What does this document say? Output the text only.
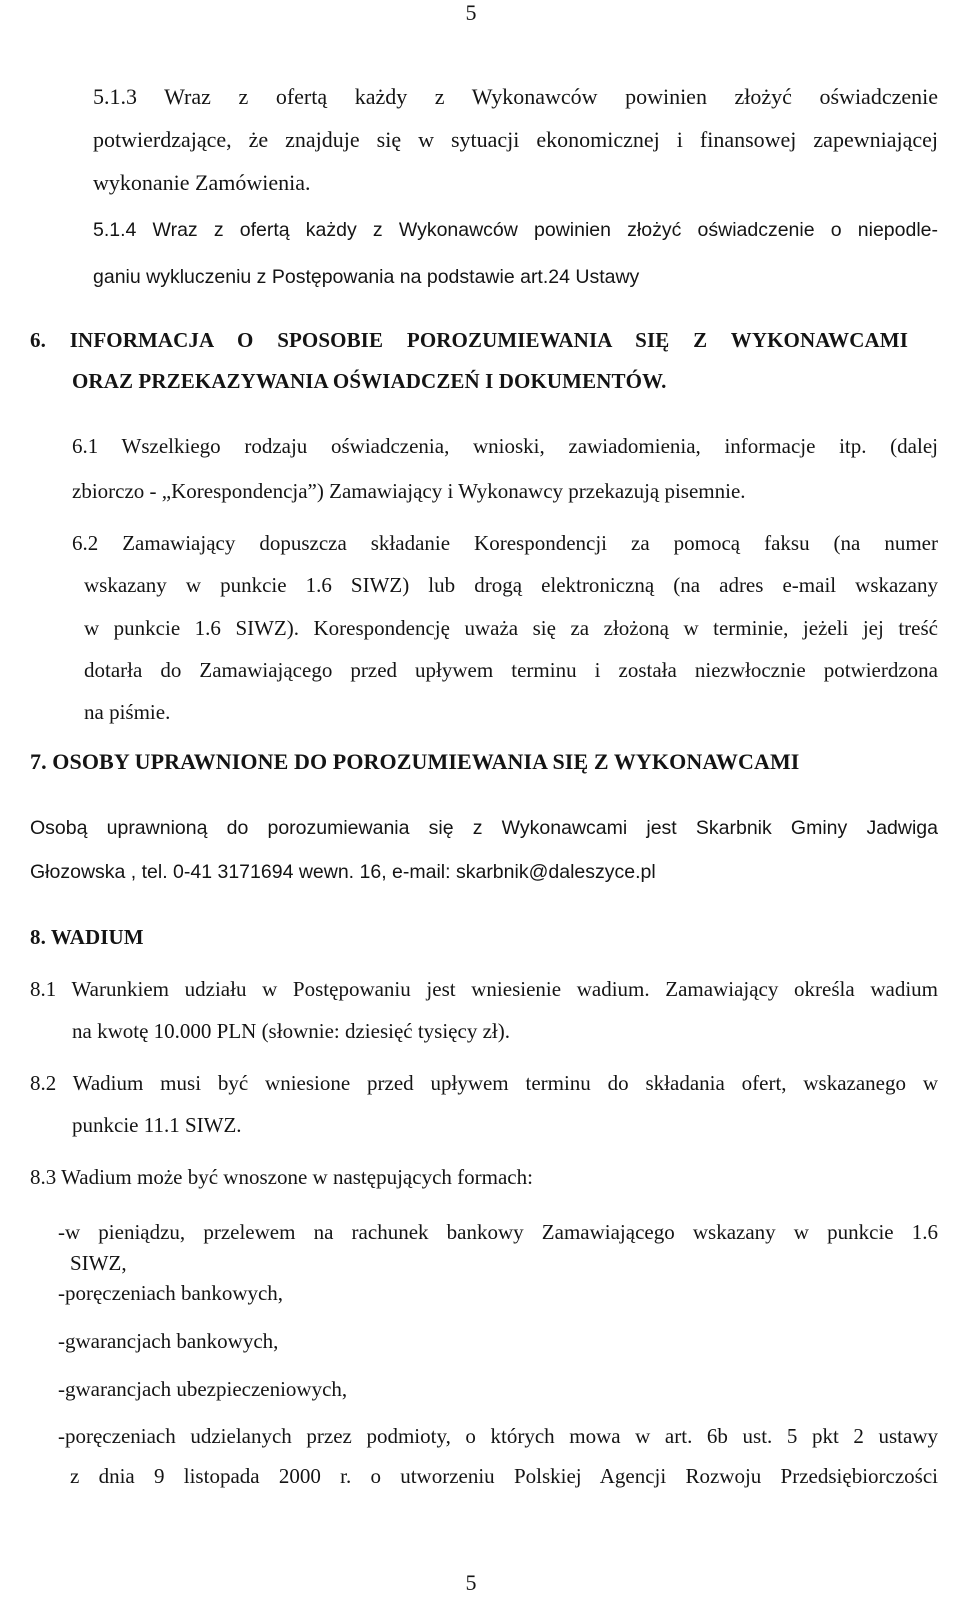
5
5.1.3 Wraz z ofertą każdy z Wykonawców powinien złożyć oświadczenie
potwierdzające, że znajduje się w sytuacji ekonomicznej i finansowej zapewniającej
wykonanie Zamówienia.
5.1.4 Wraz z ofertą każdy z Wykonawców powinien złożyć oświadczenie o niepodle-
ganiu wykluczeniu z Postępowania na podstawie art.24 Ustawy
6. INFORMACJA O SPOSOBIE POROZUMIEWANIA SIĘ Z WYKONAWCAMI
ORAZ PRZEKAZYWANIA OŚWIADCZEŃ I DOKUMENTÓW.
6.1 Wszelkiego rodzaju oświadczenia, wnioski, zawiadomienia, informacje itp. (dalej
zbiorczo - „Korespondencja”) Zamawiający i Wykonawcy przekazują pisemnie.
6.2 Zamawiający dopuszcza składanie Korespondencji za pomocą faksu (na numer
wskazany w punkcie 1.6 SIWZ) lub drogą elektroniczną (na adres e-mail wskazany
w punkcie 1.6 SIWZ). Korespondencję uważa się za złożoną w terminie, jeżeli jej treść
dotarła do Zamawiającego przed upływem terminu i została niezwłocznie potwierdzona
na piśmie.
7. OSOBY UPRAWNIONE DO POROZUMIEWANIA SIĘ Z WYKONAWCAMI
Osobą uprawnioną do porozumiewania się z Wykonawcami jest Skarbnik Gminy Jadwiga
Głozowska , tel. 0-41 3171694 wewn. 16, e-mail: skarbnik@daleszyce.pl
8. WADIUM
8.1 Warunkiem udziału w Postępowaniu jest wniesienie wadium. Zamawiający określa wadium
na kwotę 10.000 PLN (słownie: dziesięć tysięcy zł).
8.2 Wadium musi być wniesione przed upływem terminu do składania ofert, wskazanego w
punkcie 11.1 SIWZ.
8.3 Wadium może być wnoszone w następujących formach:
-w pieniądzu, przelewem na rachunek bankowy Zamawiającego wskazany w punkcie 1.6
SIWZ,
-poręczeniach bankowych,
-gwarancjach bankowych,
-gwarancjach ubezpieczeniowych,
-poręczeniach udzielanych przez podmioty, o których mowa w art. 6b ust. 5 pkt 2 ustawy
z dnia 9 listopada 2000 r. o utworzeniu Polskiej Agencji Rozwoju Przedsiębiorczości
5
